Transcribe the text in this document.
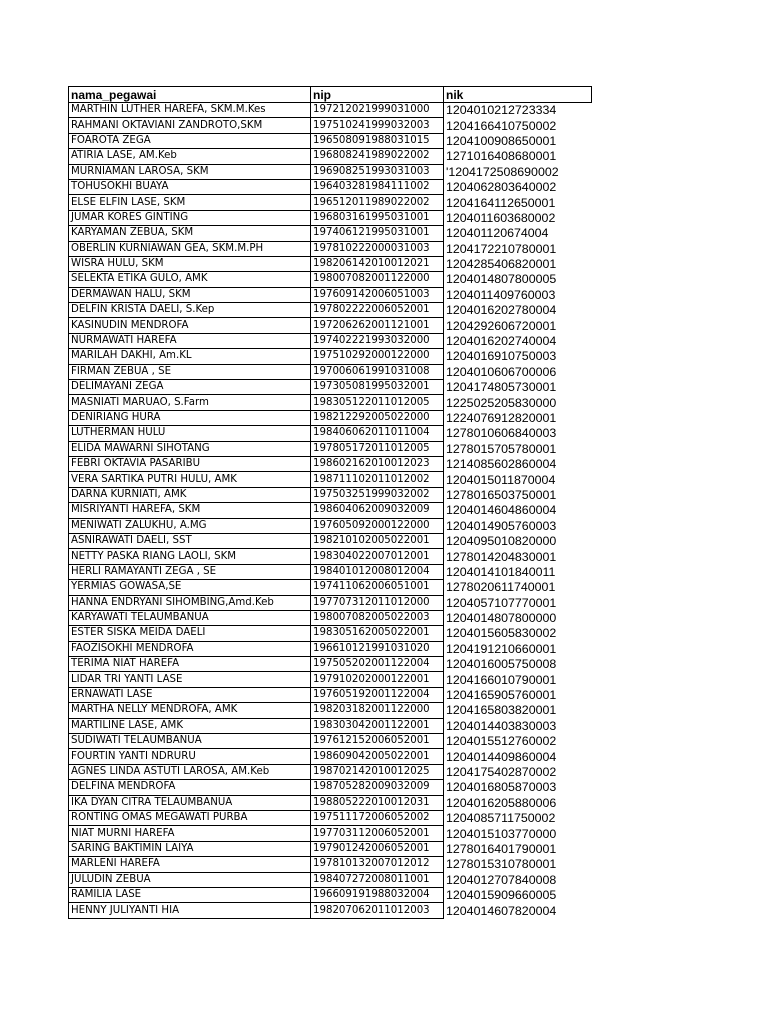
nama_pegawai	nip	nik
MARTHIN LUTHER HAREFA, SKM.M.Kes	197212021999031000	1204010212723334
RAHMANI OKTAVIANI ZANDROTO,SKM	197510241999032003	1204166410750002
FOAROTA ZEGA	196508091988031015	1204100908650001
ATIRIA LASE, AM.Keb	196808241989022002	1271016408680001
MURNIAMAN LAROSA, SKM	196908251993031003	'1204172508690002
TOHUSOKHI BUAYA	196403281984111002	1204062803640002
ELSE ELFIN LASE, SKM	196512011989022002	1204164112650001
JUMAR KORES GINTING	196803161995031001	1204011603680002
KARYAMAN ZEBUA, SKM	197406121995031001	120401120674004
OBERLIN KURNIAWAN GEA, SKM.M.PH	197810222000031003	1204172210780001
WISRA HULU, SKM	198206142010012021	1204285406820001
SELEKTA ETIKA GULO, AMK	198007082001122000	1204014807800005
DERMAWAN HALU, SKM	197609142006051003	1204011409760003
DELFIN KRISTA DAELI, S.Kep	197802222006052001	1204016202780004
KASINUDIN MENDROFA	197206262001121001	1204292606720001
NURMAWATI HAREFA	197402221993032000	1204016202740004
MARILAH DAKHI, Am.KL	197510292000122000	1204016910750003
FIRMAN ZEBUA , SE	197006061991031008	1204010606700006
DELIMAYANI ZEGA	197305081995032001	1204174805730001
MASNIATI MARUAO, S.Farm	198305122011012005	1225025205830000
DENIRIANG HURA	198212292005022000	1224076912820001
LUTHERMAN HULU	198406062011011004	1278010606840003
ELIDA MAWARNI SIHOTANG	197805172011012005	1278015705780001
FEBRI OKTAVIA PASARIBU	198602162010012023	1214085602860004
VERA SARTIKA PUTRI HULU, AMK	198711102011012002	1204015011870004
DARNA KURNIATI, AMK	197503251999032002	1278016503750001
MISRIYANTI HAREFA, SKM	198604062009032009	1204014604860004
MENIWATI ZALUKHU, A.MG	197605092000122000	1204014905760003
ASNIRAWATI DAELI, SST	198210102005022001	1204095010820000
NETTY PASKA RIANG LAOLI, SKM	198304022007012001	1278014204830001
HERLI RAMAYANTI ZEGA , SE	198401012008012004	1204014101840011
YERMIAS GOWASA,SE	197411062006051001	1278020611740001
HANNA ENDRYANI SIHOMBING,Amd.Keb	197707312011012000	1204057107770001
KARYAWATI TELAUMBANUA	198007082005022003	1204014807800000
ESTER SISKA MEIDA DAELI	198305162005022001	1204015605830002
FAOZISOKHI MENDROFA	196610121991031020	1204191210660001
TERIMA NIAT HAREFA	197505202001122004	1204016005750008
LIDAR TRI YANTI LASE	197910202000122001	1204166010790001
ERNAWATI LASE	197605192001122004	1204165905760001
MARTHA NELLY MENDROFA, AMK	198203182001122000	1204165803820001
MARTILINE LASE, AMK	198303042001122001	1204014403830003
SUDIWATI TELAUMBANUA	197612152006052001	1204015512760002
FOURTIN YANTI NDRURU	198609042005022001	1204014409860004
AGNES LINDA ASTUTI LAROSA, AM.Keb	198702142010012025	1204175402870002
DELFINA MENDROFA	198705282009032009	1204016805870003
IKA DYAN CITRA TELAUMBANUA	198805222010012031	1204016205880006
RONTING OMAS MEGAWATI PURBA	197511172006052002	1204085711750002
NIAT MURNI HAREFA	197703112006052001	1204015103770000
SARING BAKTIMIN LAIYA	197901242006052001	1278016401790001
MARLENI HAREFA	197810132007012012	1278015310780001
JULUDIN ZEBUA	198407272008011001	1204012707840008
RAMILIA LASE	196609191988032004	1204015909660005
HENNY JULIYANTI HIA	198207062011012003	1204014607820004
